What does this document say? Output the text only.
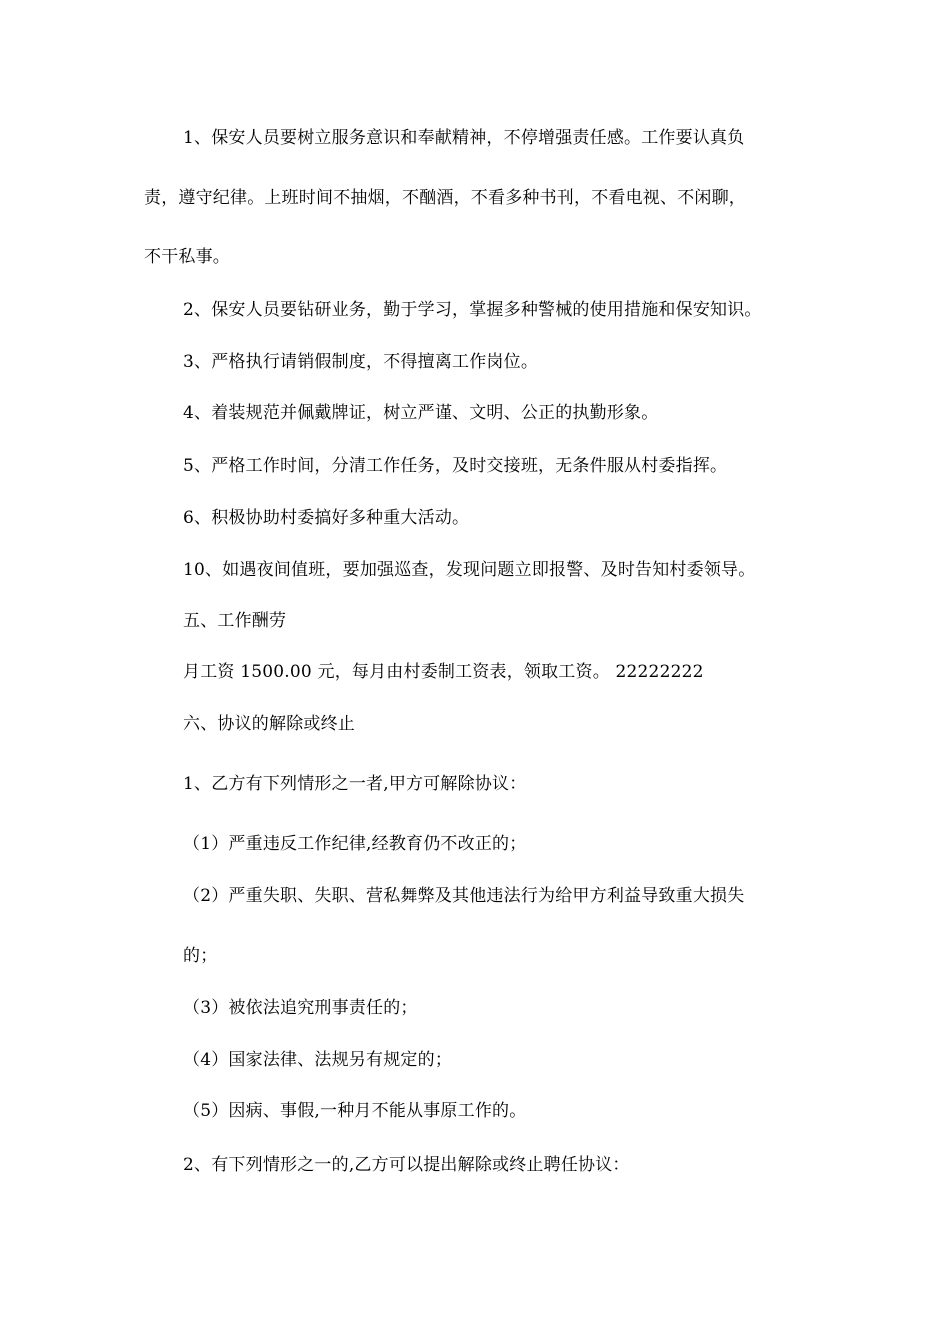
1、保安人员要树立服务意识和奉献精神，不停增强责任感。工作要认真负
责，遵守纪律。上班时间不抽烟，不酗酒，不看多种书刊，不看电视、不闲聊，
不干私事。
2、保安人员要钻研业务，勤于学习，掌握多种警械的使用措施和保安知识。
3、严格执行请销假制度，不得擅离工作岗位。
4、着装规范并佩戴牌证，树立严谨、文明、公正的执勤形象。
5、严格工作时间，分清工作任务，及时交接班，无条件服从村委指挥。
6、积极协助村委搞好多种重大活动。
10、如遇夜间值班，要加强巡查，发现问题立即报警、及时告知村委领导。
五、工作酬劳
月工资 1500.00 元，每月由村委制工资表，领取工资。 22222222
六、协议的解除或终止
1、乙方有下列情形之一者,甲方可解除协议：
（1）严重违反工作纪律,经教育仍不改正的；
（2）严重失职、失职、营私舞弊及其他违法行为给甲方利益导致重大损失
的；
（3）被依法追究刑事责任的；
（4）国家法律、法规另有规定的；
（5）因病、事假,一种月不能从事原工作的。
2、有下列情形之一的,乙方可以提出解除或终止聘任协议：
